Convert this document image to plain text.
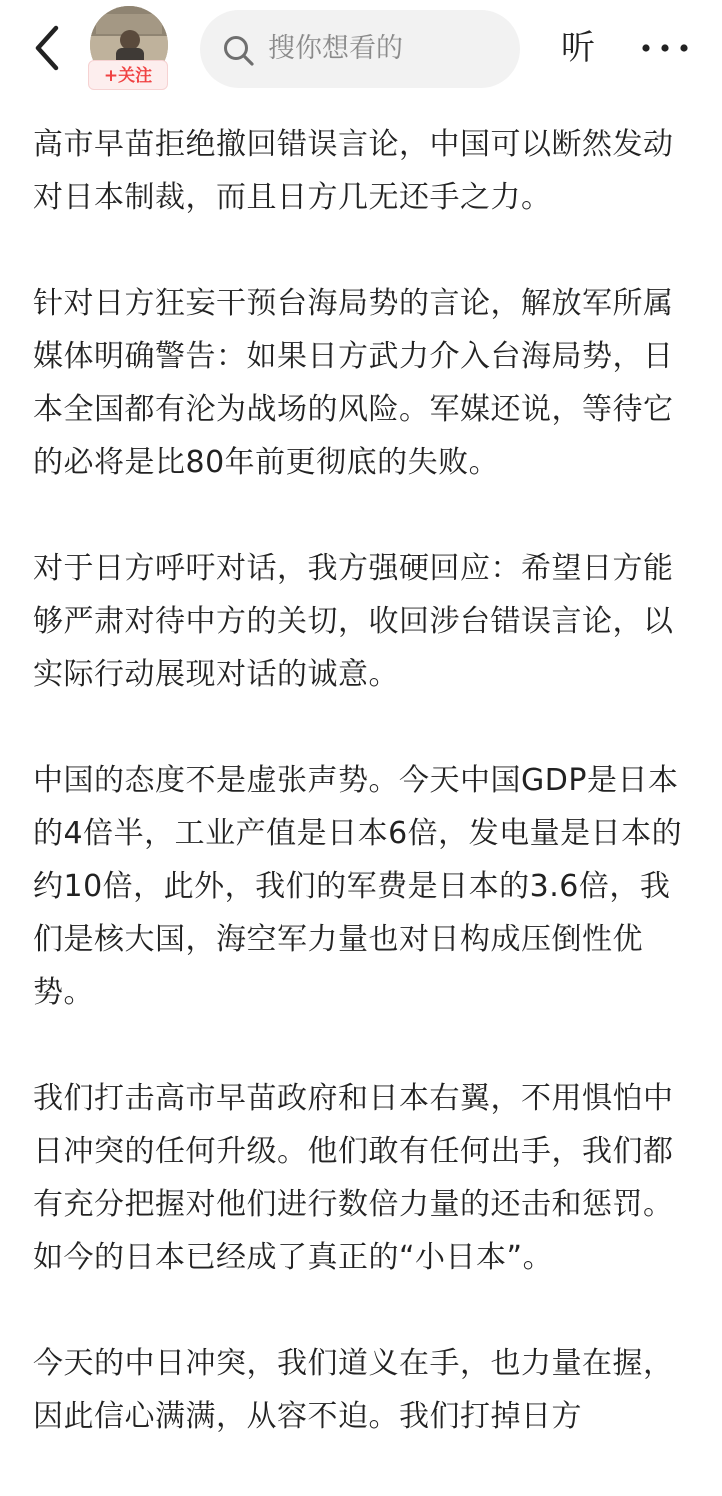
+关注
搜你想看的	听

高市早苗拒绝撤回错误言论，中国可以断然发动对日本制裁，而且日方几无还手之力。

针对日方狂妄干预台海局势的言论，解放军所属媒体明确警告：如果日方武力介入台海局势，日本全国都有沦为战场的风险。军媒还说，等待它的必将是比80年前更彻底的失败。

对于日方呼吁对话，我方强硬回应：希望日方能够严肃对待中方的关切，收回涉台错误言论，以实际行动展现对话的诚意。

中国的态度不是虚张声势。今天中国GDP是日本的4倍半，工业产值是日本6倍，发电量是日本的约10倍，此外，我们的军费是日本的3.6倍，我们是核大国，海空军力量也对日构成压倒性优势。

我们打击高市早苗政府和日本右翼，不用惧怕中日冲突的任何升级。他们敢有任何出手，我们都有充分把握对他们进行数倍力量的还击和惩罚。如今的日本已经成了真正的“小日本”。

今天的中日冲突，我们道义在手，也力量在握，因此信心满满，从容不迫。我们打掉日方
